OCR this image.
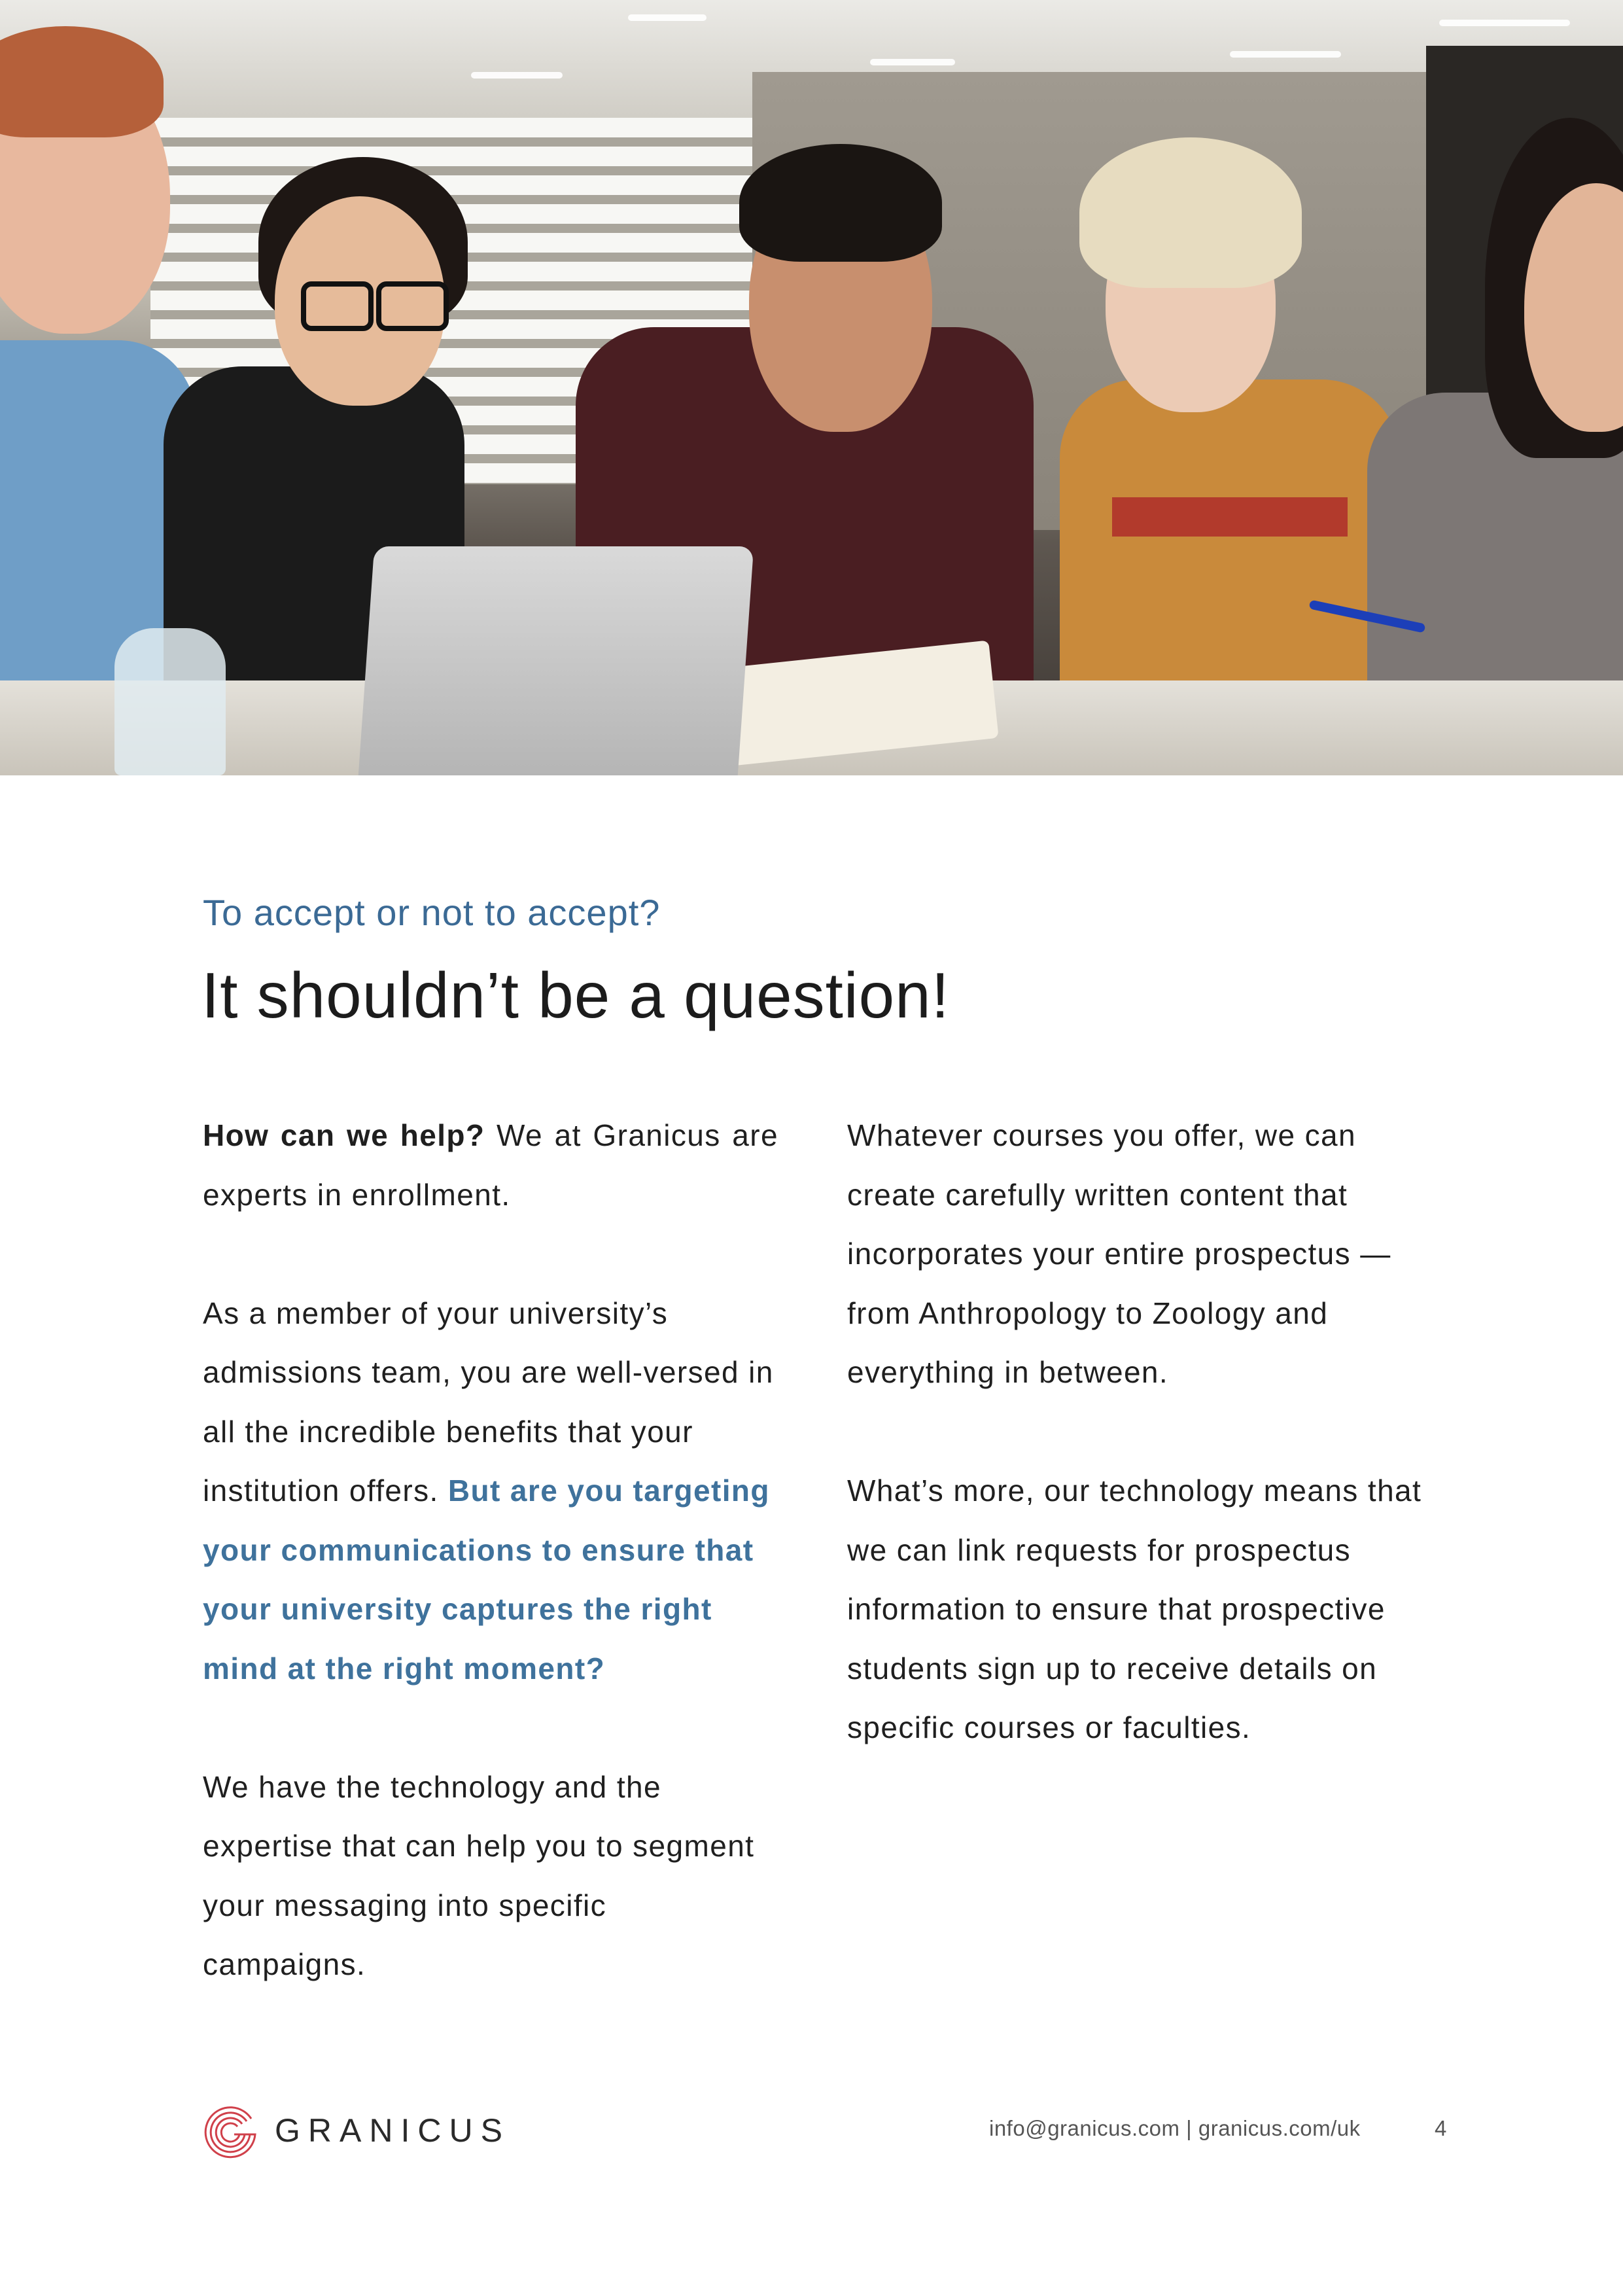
To accept or not to accept?
It shouldn’t be a question!

How can we help? We at Granicus are experts in enrollment.

As a member of your university’s admissions team, you are well-versed in all the incredible benefits that your institution offers. But are you targeting your communications to ensure that your university captures the right mind at the right moment?

We have the technology and the expertise that can help you to segment your messaging into specific campaigns.

Whatever courses you offer, we can create carefully written content that incorporates your entire prospectus — from Anthropology to Zoology and everything in between.

What’s more, our technology means that we can link requests for prospectus information to ensure that prospective students sign up to receive details on specific courses or faculties.

GRANICUS	info@granicus.com | granicus.com/uk	4
